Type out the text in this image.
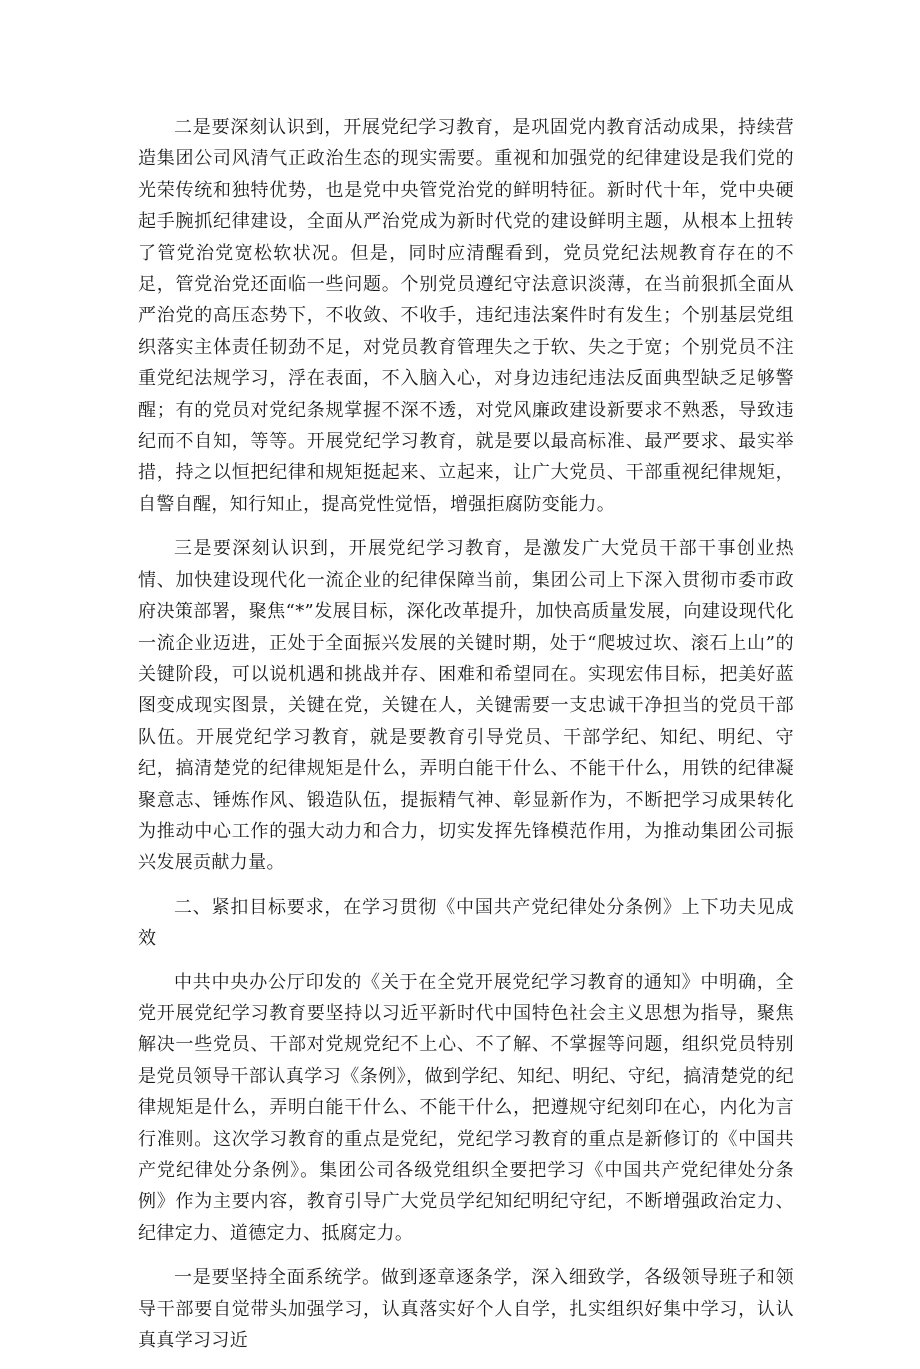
二是要深刻认识到，开展党纪学习教育，是巩固党内教育活动成果，持续营造集团公司风清气正政治生态的现实需要。重视和加强党的纪律建设是我们党的光荣传统和独特优势，也是党中央管党治党的鲜明特征。新时代十年，党中央硬起手腕抓纪律建设，全面从严治党成为新时代党的建设鲜明主题，从根本上扭转了管党治党宽松软状况。但是，同时应清醒看到，党员党纪法规教育存在的不足，管党治党还面临一些问题。个别党员遵纪守法意识淡薄，在当前狠抓全面从严治党的高压态势下，不收敛、不收手，违纪违法案件时有发生；个别基层党组织落实主体责任韧劲不足，对党员教育管理失之于软、失之于宽；个别党员不注重党纪法规学习，浮在表面，不入脑入心，对身边违纪违法反面典型缺乏足够警醒；有的党员对党纪条规掌握不深不透，对党风廉政建设新要求不熟悉，导致违纪而不自知，等等。开展党纪学习教育，就是要以最高标准、最严要求、最实举措，持之以恒把纪律和规矩挺起来、立起来，让广大党员、干部重视纪律规矩，自警自醒，知行知止，提高党性觉悟，增强拒腐防变能力。

三是要深刻认识到，开展党纪学习教育，是激发广大党员干部干事创业热情、加快建设现代化一流企业的纪律保障当前，集团公司上下深入贯彻市委市政府决策部署，聚焦“*”发展目标，深化改革提升，加快高质量发展，向建设现代化一流企业迈进，正处于全面振兴发展的关键时期，处于“爬坡过坎、滚石上山”的关键阶段，可以说机遇和挑战并存、困难和希望同在。实现宏伟目标，把美好蓝图变成现实图景，关键在党，关键在人，关键需要一支忠诚干净担当的党员干部队伍。开展党纪学习教育，就是要教育引导党员、干部学纪、知纪、明纪、守纪，搞清楚党的纪律规矩是什么，弄明白能干什么、不能干什么，用铁的纪律凝聚意志、锤炼作风、锻造队伍，提振精气神、彰显新作为，不断把学习成果转化为推动中心工作的强大动力和合力，切实发挥先锋模范作用，为推动集团公司振兴发展贡献力量。

二、紧扣目标要求，在学习贯彻《中国共产党纪律处分条例》上下功夫见成效

中共中央办公厅印发的《关于在全党开展党纪学习教育的通知》中明确，全党开展党纪学习教育要坚持以习近平新时代中国特色社会主义思想为指导，聚焦解决一些党员、干部对党规党纪不上心、不了解、不掌握等问题，组织党员特别是党员领导干部认真学习《条例》，做到学纪、知纪、明纪、守纪，搞清楚党的纪律规矩是什么，弄明白能干什么、不能干什么，把遵规守纪刻印在心，内化为言行准则。这次学习教育的重点是党纪，党纪学习教育的重点是新修订的《中国共产党纪律处分条例》。集团公司各级党组织全要把学习《中国共产党纪律处分条例》作为主要内容，教育引导广大党员学纪知纪明纪守纪，不断增强政治定力、纪律定力、道德定力、抵腐定力。

一是要坚持全面系统学。做到逐章逐条学，深入细致学，各级领导班子和领导干部要自觉带头加强学习，认真落实好个人自学，扎实组织好集中学习，认认真真学习习近
